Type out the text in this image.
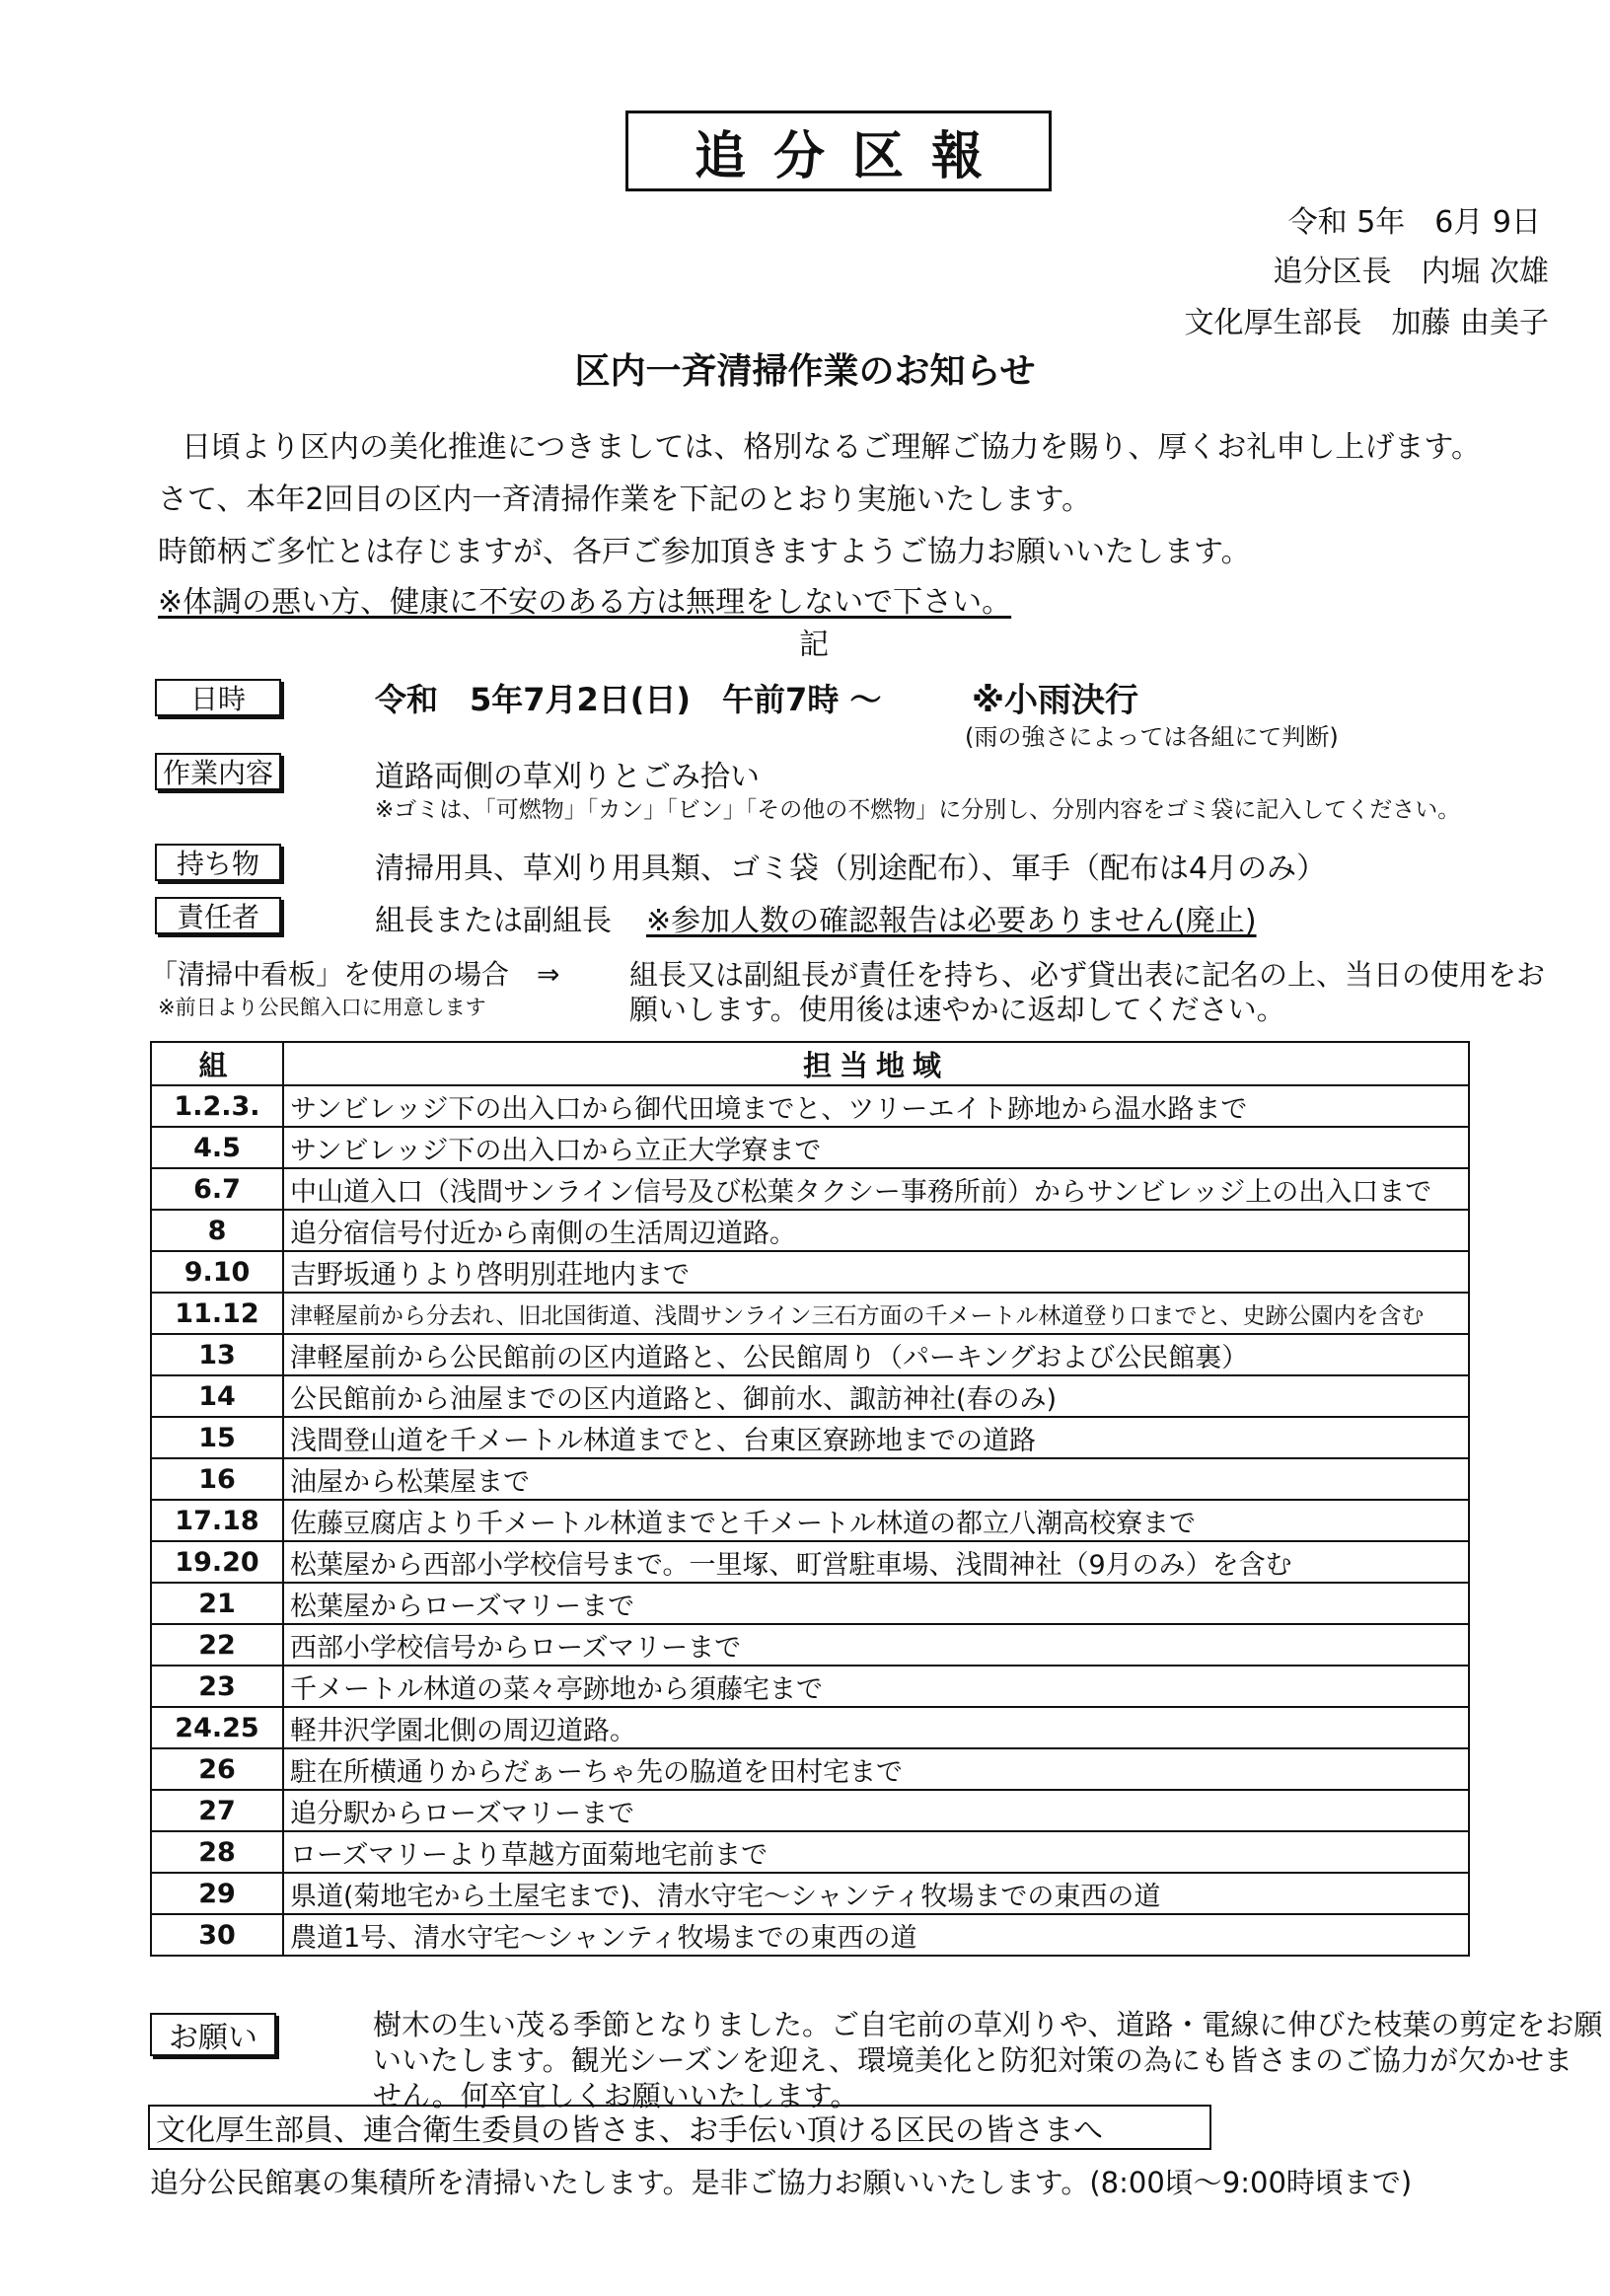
追分区報
令和 5年　6月 9日
追分区長　内堀 次雄
文化厚生部長　加藤 由美子
区内一斉清掃作業のお知らせ
日頃より区内の美化推進につきましては、格別なるご理解ご協力を賜り、厚くお礼申し上げます。
さて、本年2回目の区内一斉清掃作業を下記のとおり実施いたします。
時節柄ご多忙とは存じますが、各戸ご参加頂きますようご協力お願いいたします。
※体調の悪い方、健康に不安のある方は無理をしないで下さい。
記
日時	令和　5年7月2日(日)　午前7時 ～	※小雨決行
(雨の強さによっては各組にて判断)
作業内容	道路両側の草刈りとごみ拾い
※ゴミは、「可燃物」「カン」「ビン」「その他の不燃物」に分別し、分別内容をゴミ袋に記入してください。
持ち物	清掃用具、草刈り用具類、ゴミ袋（別途配布）、軍手（配布は4月のみ）
責任者	組長または副組長 ※参加人数の確認報告は必要ありません(廃止)
「清掃中看板」を使用の場合　⇒
※前日より公民館入口に用意します
組長又は副組長が責任を持ち、必ず貸出表に記名の上、当日の使用をお
願いします。使用後は速やかに返却してください。
組	担当地域
1.2.3.	サンビレッジ下の出入口から御代田境までと、ツリーエイト跡地から温水路まで
4.5	サンビレッジ下の出入口から立正大学寮まで
6.7	中山道入口（浅間サンライン信号及び松葉タクシー事務所前）からサンビレッジ上の出入口まで
8	追分宿信号付近から南側の生活周辺道路。
9.10	吉野坂通りより啓明別荘地内まで
11.12	津軽屋前から分去れ、旧北国街道、浅間サンライン三石方面の千メートル林道登り口までと、史跡公園内を含む
13	津軽屋前から公民館前の区内道路と、公民館周り（パーキングおよび公民館裏）
14	公民館前から油屋までの区内道路と、御前水、諏訪神社(春のみ)
15	浅間登山道を千メートル林道までと、台東区寮跡地までの道路
16	油屋から松葉屋まで
17.18	佐藤豆腐店より千メートル林道までと千メートル林道の都立八潮高校寮まで
19.20	松葉屋から西部小学校信号まで。一里塚、町営駐車場、浅間神社（9月のみ）を含む
21	松葉屋からローズマリーまで
22	西部小学校信号からローズマリーまで
23	千メートル林道の菜々亭跡地から須藤宅まで
24.25	軽井沢学園北側の周辺道路。
26	駐在所横通りからだぁーちゃ先の脇道を田村宅まで
27	追分駅からローズマリーまで
28	ローズマリーより草越方面菊地宅前まで
29	県道(菊地宅から土屋宅まで)、清水守宅～シャンティ牧場までの東西の道
30	農道1号、清水守宅～シャンティ牧場までの東西の道
お願い	樹木の生い茂る季節となりました。ご自宅前の草刈りや、道路・電線に伸びた枝葉の剪定をお願
いいたします。観光シーズンを迎え、環境美化と防犯対策の為にも皆さまのご協力が欠かせま
せん。何卒宜しくお願いいたします。
文化厚生部員、連合衛生委員の皆さま、お手伝い頂ける区民の皆さまへ
追分公民館裏の集積所を清掃いたします。是非ご協力お願いいたします。(8:00頃～9:00時頃まで)
